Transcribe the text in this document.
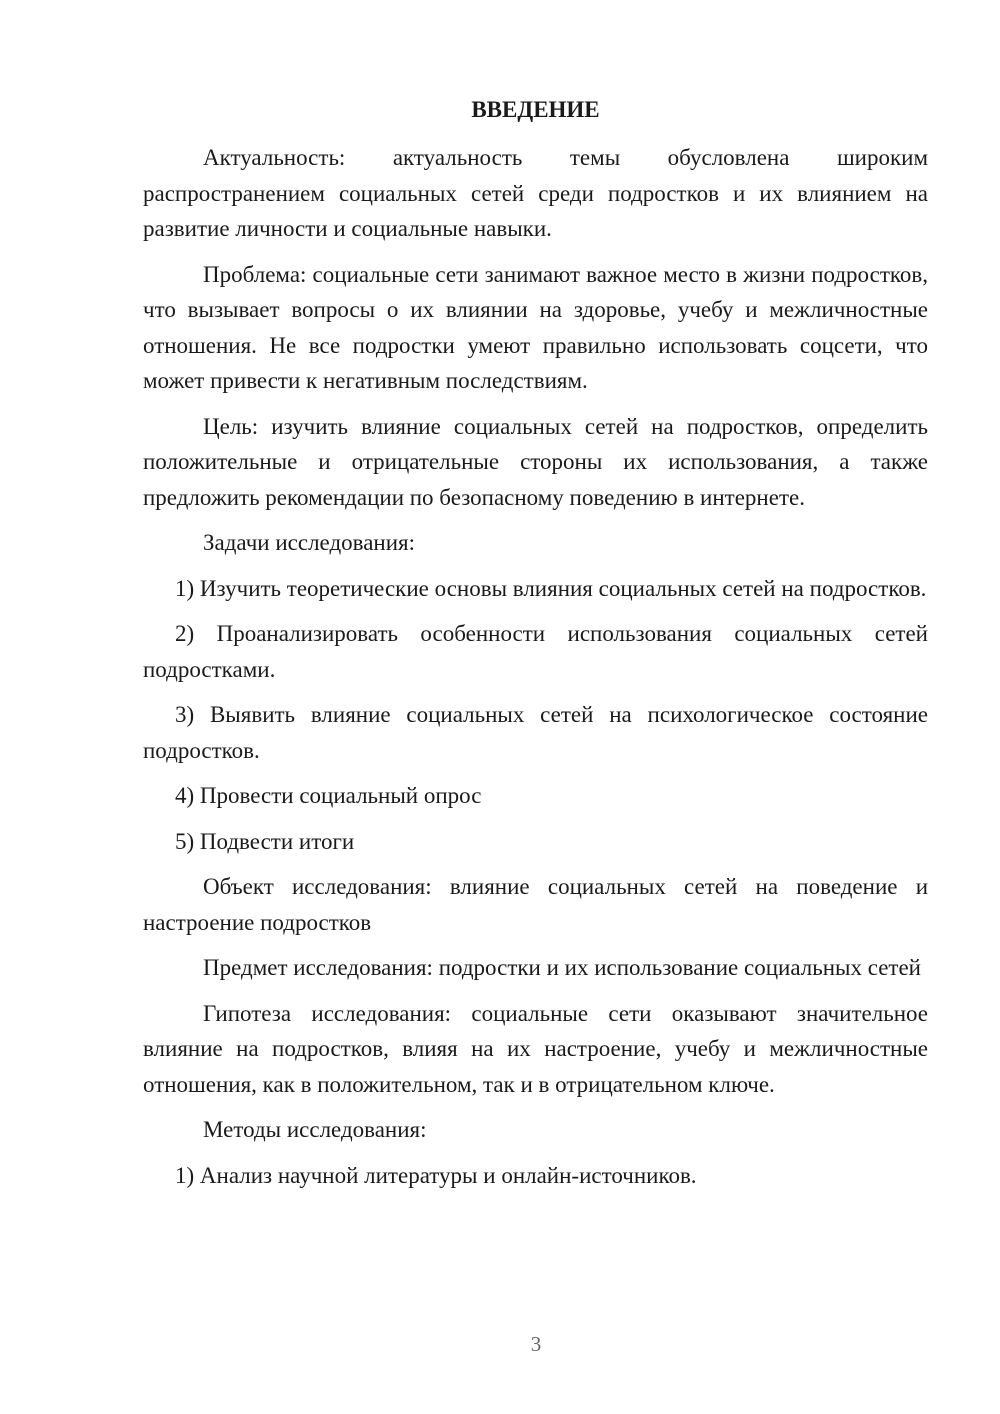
ВВЕДЕНИЕ

Актуальность: актуальность темы обусловлена широким распространением социальных сетей среди подростков и их влиянием на развитие личности и социальные навыки.

Проблема: социальные сети занимают важное место в жизни подростков, что вызывает вопросы о их влиянии на здоровье, учебу и межличностные отношения. Не все подростки умеют правильно использовать соцсети, что может привести к негативным последствиям.

Цель: изучить влияние социальных сетей на подростков, определить положительные и отрицательные стороны их использования, а также предложить рекомендации по безопасному поведению в интернете.

Задачи исследования:

1) Изучить теоретические основы влияния социальных сетей на подростков.

2) Проанализировать особенности использования социальных сетей подростками.

3) Выявить влияние социальных сетей на психологическое состояние подростков.

4) Провести социальный опрос

5) Подвести итоги

Объект исследования: влияние социальных сетей на поведение и настроение подростков

Предмет исследования: подростки и их использование социальных сетей

Гипотеза исследования: социальные сети оказывают значительное влияние на подростков, влияя на их настроение, учебу и межличностные отношения, как в положительном, так и в отрицательном ключе.

Методы исследования:

1) Анализ научной литературы и онлайн-источников.

3
